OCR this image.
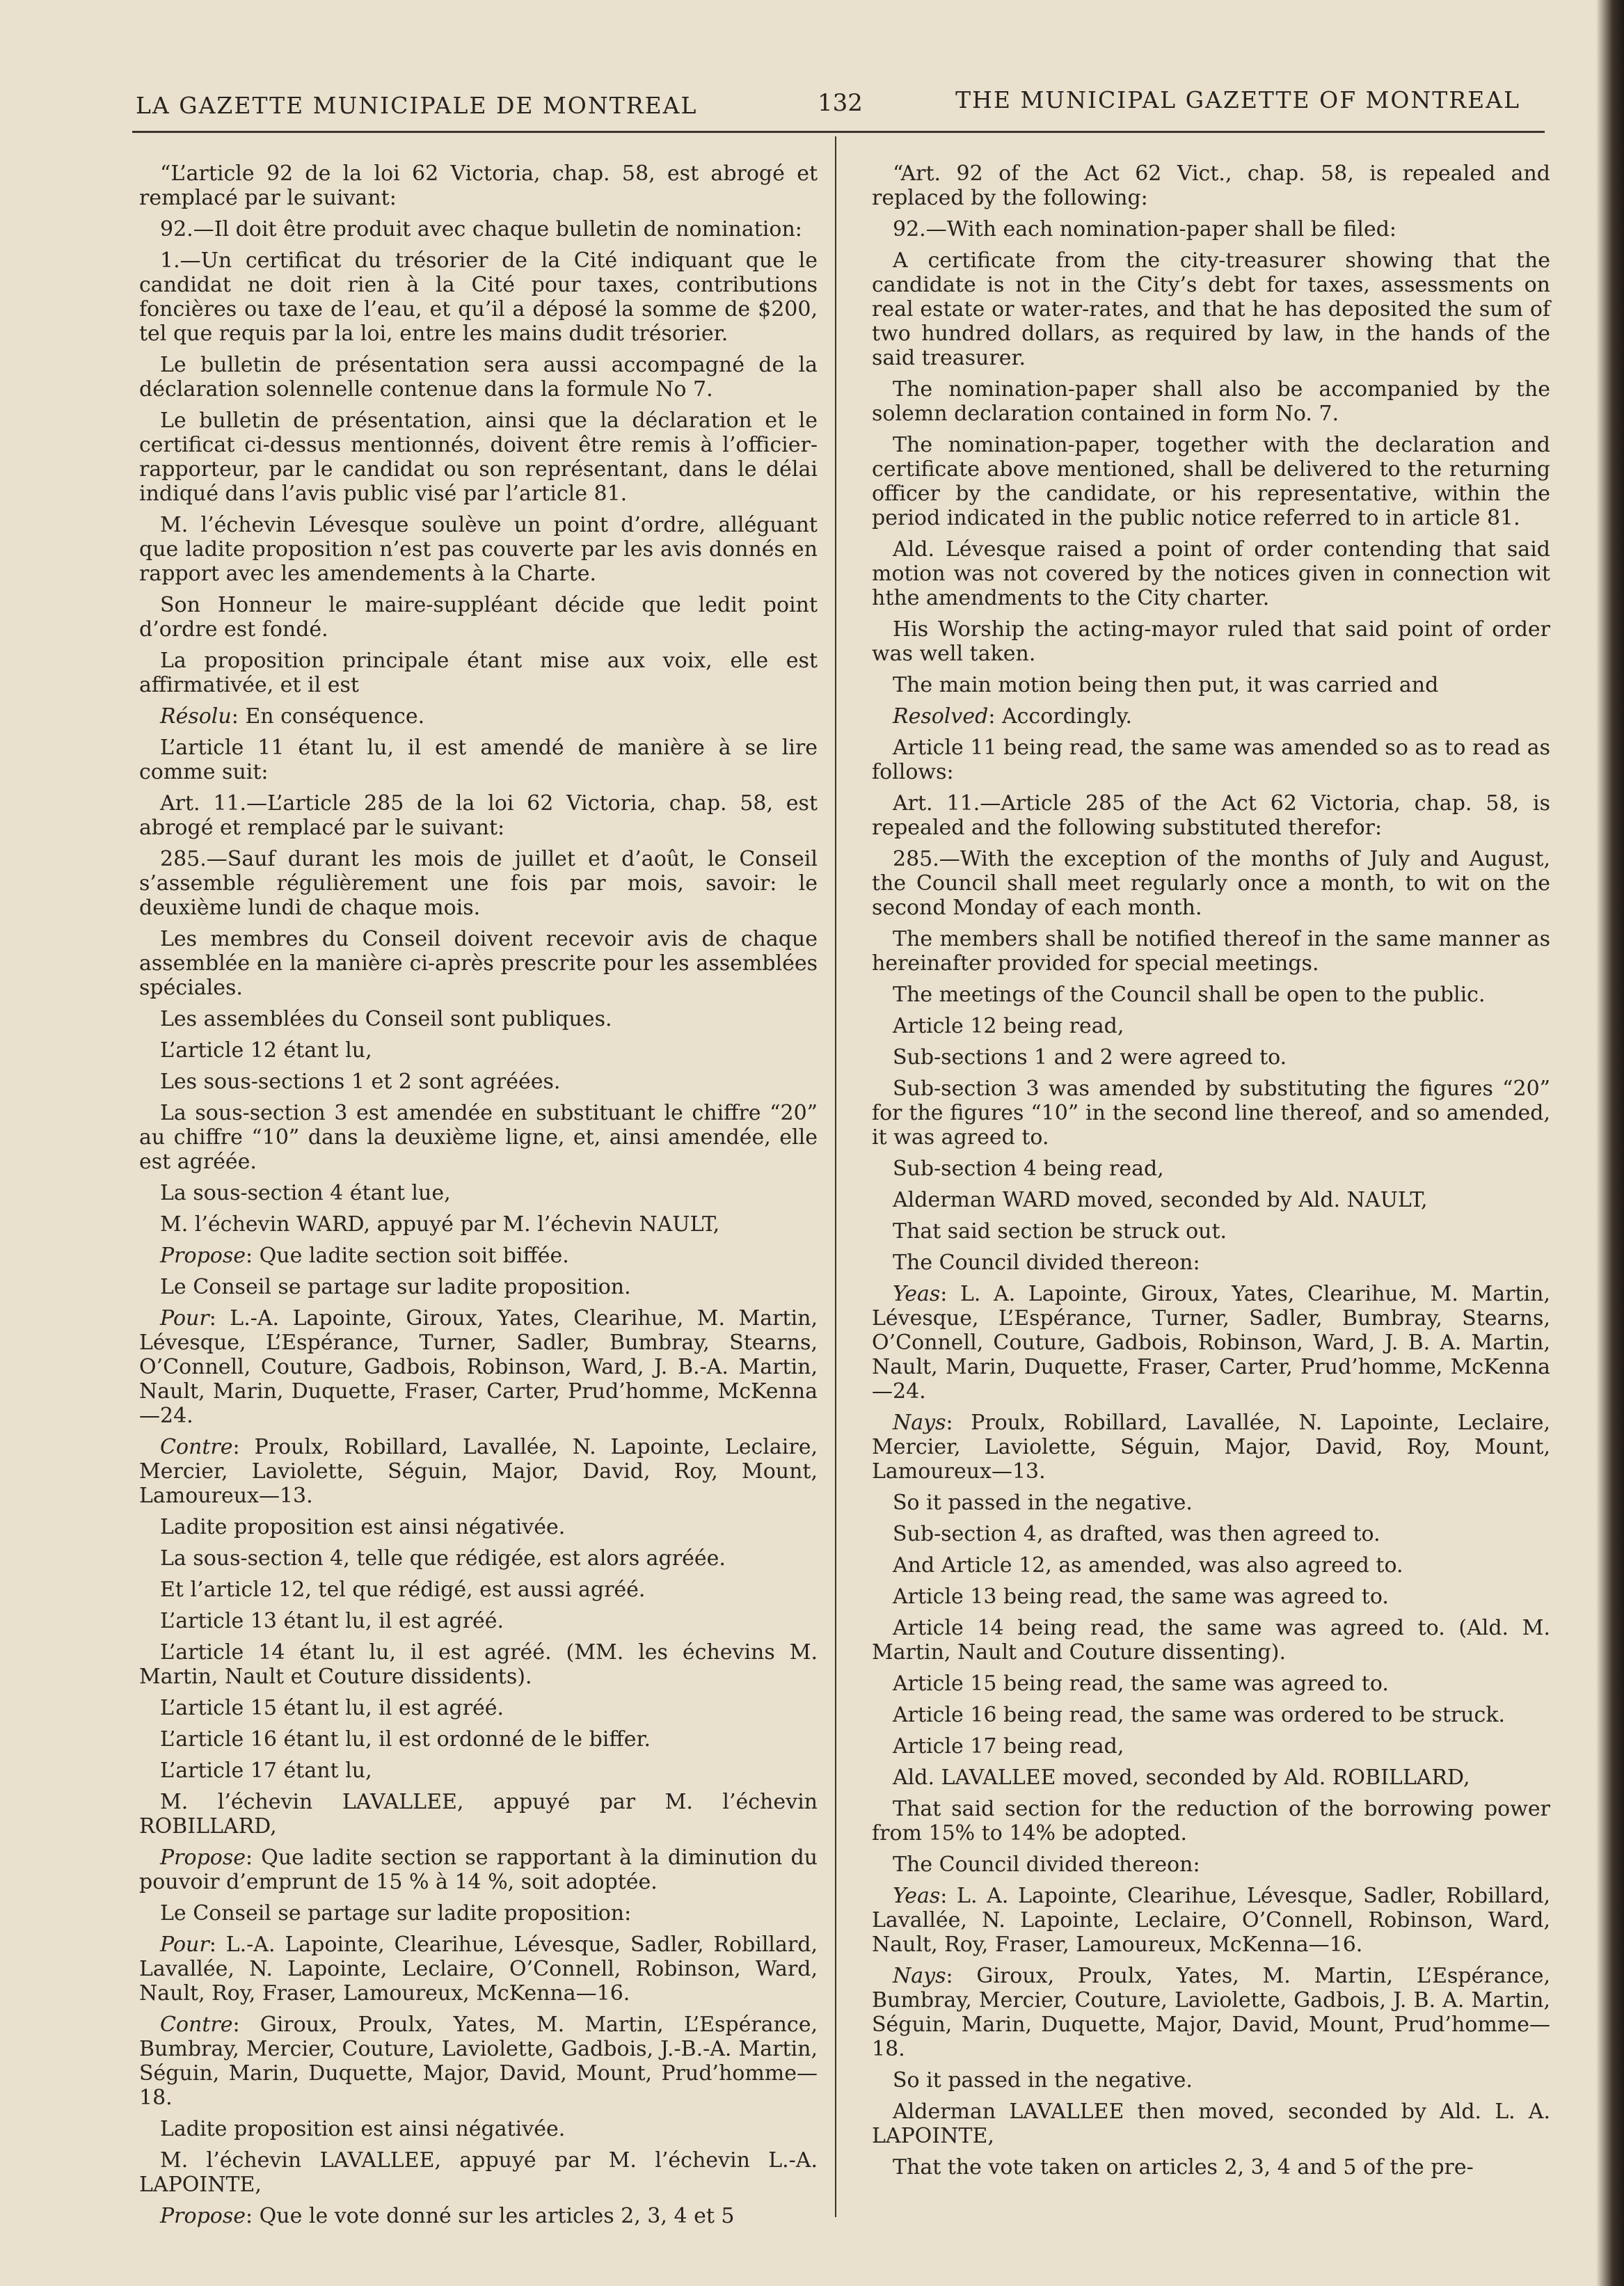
LA GAZETTE MUNICIPALE DE MONTREAL	132	THE MUNICIPAL GAZETTE OF MONTREAL

“L’article 92 de la loi 62 Victoria, chap. 58, est abrogé et remplacé par le suivant:

92.—Il doit être produit avec chaque bulletin de nomination:

1.—Un certificat du trésorier de la Cité indiquant que le candidat ne doit rien à la Cité pour taxes, contributions foncières ou taxe de l’eau, et qu’il a déposé la somme de $200, tel que requis par la loi, entre les mains dudit trésorier.

Le bulletin de présentation sera aussi accompagné de la déclaration solennelle contenue dans la formule No 7.

Le bulletin de présentation, ainsi que la déclaration et le certificat ci-dessus mentionnés, doivent être remis à l’officier-rapporteur, par le candidat ou son représentant, dans le délai indiqué dans l’avis public visé par l’article 81.

M. l’échevin Lévesque soulève un point d’ordre, alléguant que ladite proposition n’est pas couverte par les avis donnés en rapport avec les amendements à la Charte.

Son Honneur le maire-suppléant décide que ledit point d’ordre est fondé.

La proposition principale étant mise aux voix, elle est affirmativée, et il est

Résolu: En conséquence.

L’article 11 étant lu, il est amendé de manière à se lire comme suit:

Art. 11.—L’article 285 de la loi 62 Victoria, chap. 58, est abrogé et remplacé par le suivant:

285.—Sauf durant les mois de juillet et d’août, le Conseil s’assemble régulièrement une fois par mois, savoir: le deuxième lundi de chaque mois.

Les membres du Conseil doivent recevoir avis de chaque assemblée en la manière ci-après prescrite pour les assemblées spéciales.

Les assemblées du Conseil sont publiques.

L’article 12 étant lu,

Les sous-sections 1 et 2 sont agréées.

La sous-section 3 est amendée en substituant le chiffre “20” au chiffre “10” dans la deuxième ligne, et, ainsi amendée, elle est agréée.

La sous-section 4 étant lue,

M. l’échevin WARD, appuyé par M. l’échevin NAULT,

Propose: Que ladite section soit biffée.

Le Conseil se partage sur ladite proposition.

Pour: L.-A. Lapointe, Giroux, Yates, Clearihue, M. Martin, Lévesque, L’Espérance, Turner, Sadler, Bumbray, Stearns, O’Connell, Couture, Gadbois, Robinson, Ward, J. B.-A. Martin, Nault, Marin, Duquette, Fraser, Carter, Prud’homme, McKenna—24.

Contre: Proulx, Robillard, Lavallée, N. Lapointe, Leclaire, Mercier, Laviolette, Séguin, Major, David, Roy, Mount, Lamoureux—13.

Ladite proposition est ainsi négativée.

La sous-section 4, telle que rédigée, est alors agréée.

Et l’article 12, tel que rédigé, est aussi agréé.

L’article 13 étant lu, il est agréé.

L’article 14 étant lu, il est agréé. (MM. les échevins M. Martin, Nault et Couture dissidents).

L’article 15 étant lu, il est agréé.

L’article 16 étant lu, il est ordonné de le biffer.

L’article 17 étant lu,

M. l’échevin LAVALLEE, appuyé par M. l’échevin ROBILLARD,

Propose: Que ladite section se rapportant à la diminution du pouvoir d’emprunt de 15 % à 14 %, soit adoptée.

Le Conseil se partage sur ladite proposition:

Pour: L.-A. Lapointe, Clearihue, Lévesque, Sadler, Robillard, Lavallée, N. Lapointe, Leclaire, O’Connell, Robinson, Ward, Nault, Roy, Fraser, Lamoureux, McKenna—16.

Contre: Giroux, Proulx, Yates, M. Martin, L’Espérance, Bumbray, Mercier, Couture, Laviolette, Gadbois, J.-B.-A. Martin, Séguin, Marin, Duquette, Major, David, Mount, Prud’homme—18.

Ladite proposition est ainsi négativée.

M. l’échevin LAVALLEE, appuyé par M. l’échevin L.-A. LAPOINTE,

Propose: Que le vote donné sur les articles 2, 3, 4 et 5

“Art. 92 of the Act 62 Vict., chap. 58, is repealed and replaced by the following:

92.—With each nomination-paper shall be filed:

A certificate from the city-treasurer showing that the candidate is not in the City’s debt for taxes, assessments on real estate or water-rates, and that he has deposited the sum of two hundred dollars, as required by law, in the hands of the said treasurer.

The nomination-paper shall also be accompanied by the solemn declaration contained in form No. 7.

The nomination-paper, together with the declaration and certificate above mentioned, shall be delivered to the returning officer by the candidate, or his representative, within the period indicated in the public notice referred to in article 81.

Ald. Lévesque raised a point of order contending that said motion was not covered by the notices given in connection wit hthe amendments to the City charter.

His Worship the acting-mayor ruled that said point of order was well taken.

The main motion being then put, it was carried and

Resolved: Accordingly.

Article 11 being read, the same was amended so as to read as follows:

Art. 11.—Article 285 of the Act 62 Victoria, chap. 58, is repealed and the following substituted therefor:

285.—With the exception of the months of July and August, the Council shall meet regularly once a month, to wit on the second Monday of each month.

The members shall be notified thereof in the same manner as hereinafter provided for special meetings.

The meetings of the Council shall be open to the public.

Article 12 being read,

Sub-sections 1 and 2 were agreed to.

Sub-section 3 was amended by substituting the figures “20” for the figures “10” in the second line thereof, and so amended, it was agreed to.

Sub-section 4 being read,

Alderman WARD moved, seconded by Ald. NAULT,

That said section be struck out.

The Council divided thereon:

Yeas: L. A. Lapointe, Giroux, Yates, Clearihue, M. Martin, Lévesque, L’Espérance, Turner, Sadler, Bumbray, Stearns, O’Connell, Couture, Gadbois, Robinson, Ward, J. B. A. Martin, Nault, Marin, Duquette, Fraser, Carter, Prud’homme, McKenna—24.

Nays: Proulx, Robillard, Lavallée, N. Lapointe, Leclaire, Mercier, Laviolette, Séguin, Major, David, Roy, Mount, Lamoureux—13.

So it passed in the negative.

Sub-section 4, as drafted, was then agreed to.

And Article 12, as amended, was also agreed to.

Article 13 being read, the same was agreed to.

Article 14 being read, the same was agreed to. (Ald. M. Martin, Nault and Couture dissenting).

Article 15 being read, the same was agreed to.

Article 16 being read, the same was ordered to be struck.

Article 17 being read,

Ald. LAVALLEE moved, seconded by Ald. ROBILLARD,

That said section for the reduction of the borrowing power from 15% to 14% be adopted.

The Council divided thereon:

Yeas: L. A. Lapointe, Clearihue, Lévesque, Sadler, Robillard, Lavallée, N. Lapointe, Leclaire, O’Connell, Robinson, Ward, Nault, Roy, Fraser, Lamoureux, McKenna—16.

Nays: Giroux, Proulx, Yates, M. Martin, L’Espérance, Bumbray, Mercier, Couture, Laviolette, Gadbois, J. B. A. Martin, Séguin, Marin, Duquette, Major, David, Mount, Prud’homme—18.

So it passed in the negative.

Alderman LAVALLEE then moved, seconded by Ald. L. A. LAPOINTE,

That the vote taken on articles 2, 3, 4 and 5 of the pre-
